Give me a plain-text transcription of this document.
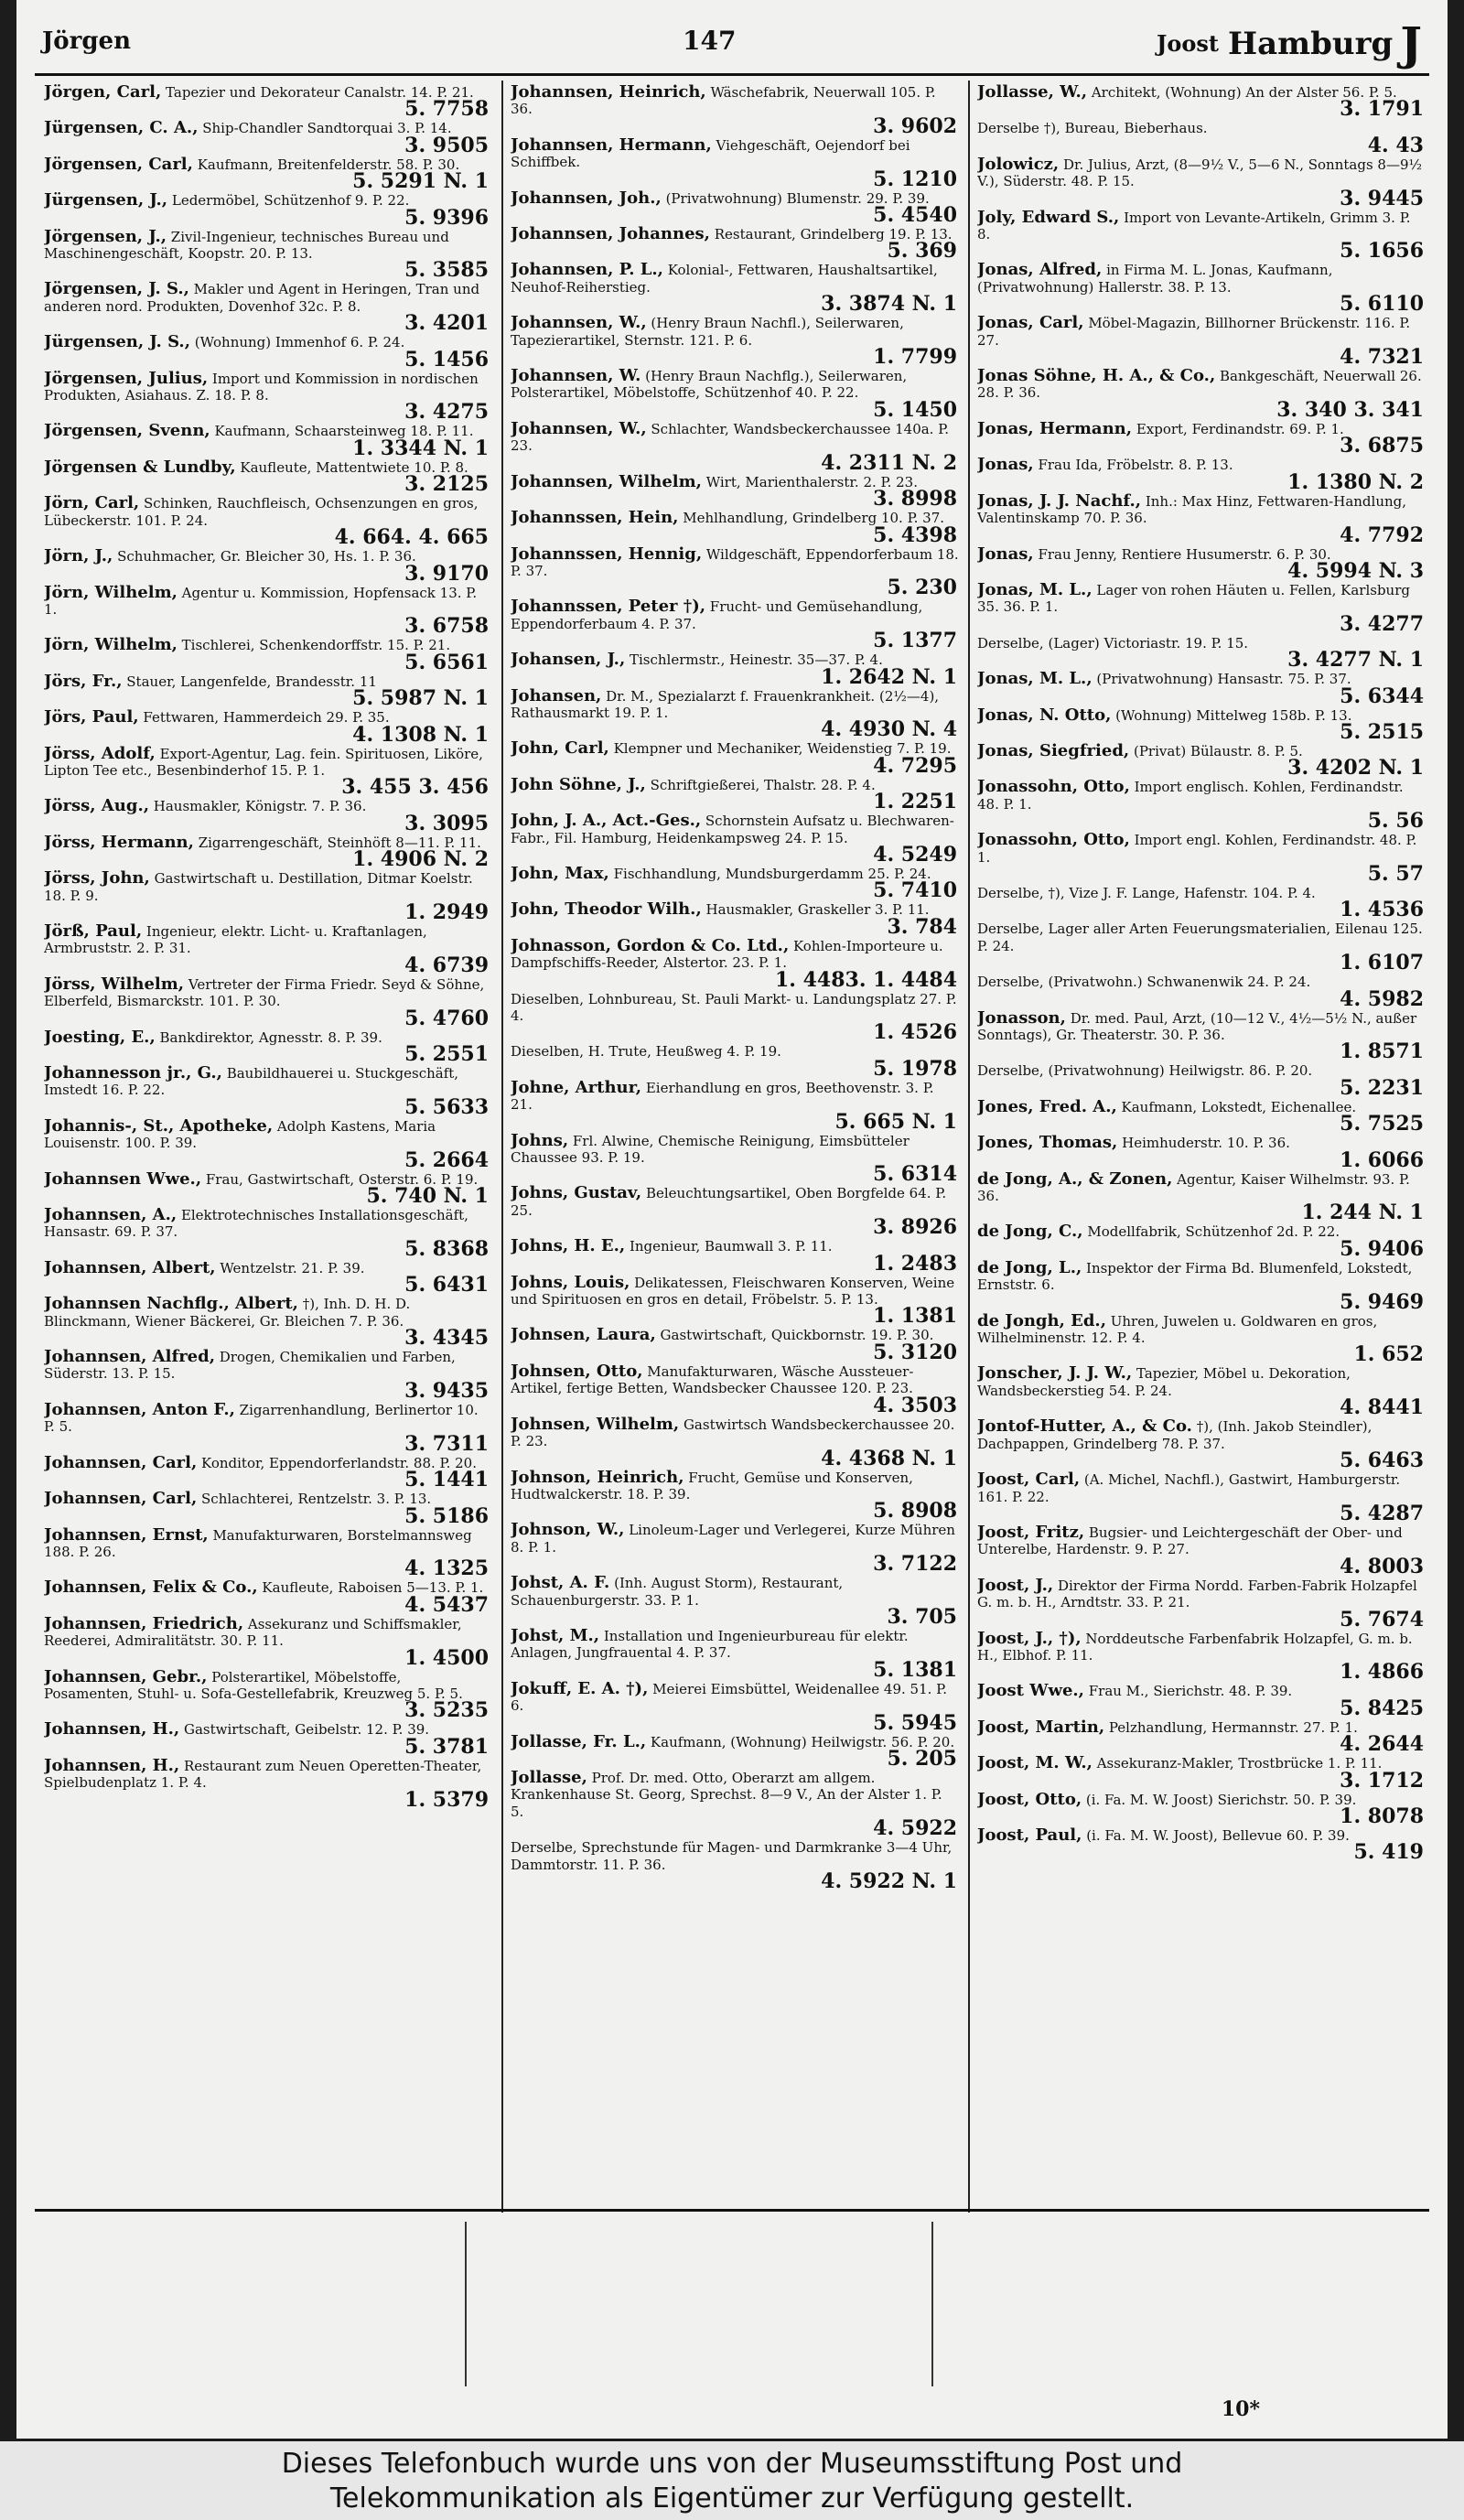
Jörgen	147	Joost Hamburg J
Jörgen, Carl, Tapezier und Dekorateur Canalstr. 14. P. 21.
5. 7758
Jürgensen, C. A., Ship-Chandler Sandtorquai 3. P. 14.
3. 9505
Jörgensen, Carl, Kaufmann, Breitenfelderstr. 58. P. 30.
5. 5291 N. 1
Jürgensen, J., Ledermöbel, Schützenhof 9. P. 22.
5. 9396
Jörgensen, J., Zivil-Ingenieur, technisches Bureau und Maschinengeschäft, Koopstr. 20. P. 13.
5. 3585
Jörgensen, J. S., Makler und Agent in Heringen, Tran und anderen nord. Produkten, Dovenhof 32c. P. 8.
3. 4201
Jürgensen, J. S., (Wohnung) Immenhof 6. P. 24.
5. 1456
Jörgensen, Julius, Import und Kommission in nordischen Produkten, Asiahaus. Z. 18. P. 8.
3. 4275
Jörgensen, Svenn, Kaufmann, Schaarsteinweg 18. P. 11.
1. 3344 N. 1
Jörgensen & Lundby, Kaufleute, Mattentwiete 10. P. 8.
3. 2125
Jörn, Carl, Schinken, Rauchfleisch, Ochsenzungen en gros, Lübeckerstr. 101. P. 24.
4. 664. 4. 665
Jörn, J., Schuhmacher, Gr. Bleicher 30, Hs. 1. P. 36.
3. 9170
Jörn, Wilhelm, Agentur u. Kommission, Hopfensack 13. P. 1.
3. 6758
Jörn, Wilhelm, Tischlerei, Schenkendorffstr. 15. P. 21.
5. 6561
Jörs, Fr., Stauer, Langenfelde, Brandesstr. 11
5. 5987 N. 1
Jörs, Paul, Fettwaren, Hammerdeich 29. P. 35.
4. 1308 N. 1
Jörss, Adolf, Export-Agentur, Lag. fein. Spirituosen, Liköre, Lipton Tee etc., Besenbinderhof 15. P. 1.
3. 455 3. 456
Jörss, Aug., Hausmakler, Königstr. 7. P. 36.
3. 3095
Jörss, Hermann, Zigarrengeschäft, Steinhöft 8—11. P. 11.
1. 4906 N. 2
Jörss, John, Gastwirtschaft u. Destillation, Ditmar Koelstr. 18. P. 9.
1. 2949
Jörß, Paul, Ingenieur, elektr. Licht- u. Kraftanlagen, Armbruststr. 2. P. 31.
4. 6739
Jörss, Wilhelm, Vertreter der Firma Friedr. Seyd & Söhne, Elberfeld, Bismarckstr. 101. P. 30.
5. 4760
Joesting, E., Bankdirektor, Agnesstr. 8. P. 39.
5. 2551
Johannesson jr., G., Baubildhauerei u. Stuckgeschäft, Imstedt 16. P. 22.
5. 5633
Johannis-, St., Apotheke, Adolph Kastens, Maria Louisenstr. 100. P. 39.
5. 2664
Johannsen Wwe., Frau, Gastwirtschaft, Osterstr. 6. P. 19.
5. 740 N. 1
Johannsen, A., Elektrotechnisches Installationsgeschäft, Hansastr. 69. P. 37.
5. 8368
Johannsen, Albert, Wentzelstr. 21. P. 39.
5. 6431
Johannsen Nachflg., Albert, †), Inh. D. H. D. Blinckmann, Wiener Bäckerei, Gr. Bleichen 7. P. 36.
3. 4345
Johannsen, Alfred, Drogen, Chemikalien und Farben, Süderstr. 13. P. 15.
3. 9435
Johannsen, Anton F., Zigarrenhandlung, Berlinertor 10. P. 5.
3. 7311
Johannsen, Carl, Konditor, Eppendorferlandstr. 88. P. 20.
5. 1441
Johannsen, Carl, Schlachterei, Rentzelstr. 3. P. 13.
5. 5186
Johannsen, Ernst, Manufakturwaren, Borstelmannsweg 188. P. 26.
4. 1325
Johannsen, Felix & Co., Kaufleute, Raboisen 5—13. P. 1.
4. 5437
Johannsen, Friedrich, Assekuranz und Schiffsmakler, Reederei, Admiralitätstr. 30. P. 11.
1. 4500
Johannsen, Gebr., Polsterartikel, Möbelstoffe, Posamenten, Stuhl- u. Sofa-Gestellefabrik, Kreuzweg 5. P. 5.
3. 5235
Johannsen, H., Gastwirtschaft, Geibelstr. 12. P. 39.
5. 3781
Johannsen, H., Restaurant zum Neuen Operetten-Theater, Spielbudenplatz 1. P. 4.
1. 5379
Johannsen, Heinrich, Wäschefabrik, Neuerwall 105. P. 36.
3. 9602
Johannsen, Hermann, Viehgeschäft, Oejendorf bei Schiffbek.
5. 1210
Johannsen, Joh., (Privatwohnung) Blumenstr. 29. P. 39.
5. 4540
Johannsen, Johannes, Restaurant, Grindelberg 19. P. 13.
5. 369
Johannsen, P. L., Kolonial-, Fettwaren, Haushaltsartikel, Neuhof-Reiherstieg.
3. 3874 N. 1
Johannsen, W., (Henry Braun Nachfl.), Seilerwaren, Tapezierartikel, Sternstr. 121. P. 6.
1. 7799
Johannsen, W. (Henry Braun Nachflg.), Seilerwaren, Polsterartikel, Möbelstoffe, Schützenhof 40. P. 22.
5. 1450
Johannsen, W., Schlachter, Wandsbeckerchaussee 140a. P. 23.
4. 2311 N. 2
Johannsen, Wilhelm, Wirt, Marienthalerstr. 2. P. 23.
3. 8998
Johannssen, Hein, Mehlhandlung, Grindelberg 10. P. 37.
5. 4398
Johannssen, Hennig, Wildgeschäft, Eppendorferbaum 18. P. 37.
5. 230
Johannssen, Peter †), Frucht- und Gemüsehandlung, Eppendorferbaum 4. P. 37.
5. 1377
Johansen, J., Tischlermstr., Heinestr. 35—37. P. 4.
1. 2642 N. 1
Johansen, Dr. M., Spezialarzt f. Frauenkrankheit. (2½—4), Rathausmarkt 19. P. 1.
4. 4930 N. 4
John, Carl, Klempner und Mechaniker, Weidenstieg 7. P. 19.
4. 7295
John Söhne, J., Schriftgießerei, Thalstr. 28. P. 4.
1. 2251
John, J. A., Act.-Ges., Schornstein Aufsatz u. Blechwaren-Fabr., Fil. Hamburg, Heidenkampsweg 24. P. 15.
4. 5249
John, Max, Fischhandlung, Mundsburgerdamm 25. P. 24.
5. 7410
John, Theodor Wilh., Hausmakler, Graskeller 3. P. 11.
3. 784
Johnasson, Gordon & Co. Ltd., Kohlen-Importeure u. Dampfschiffs-Reeder, Alstertor. 23. P. 1.
1. 4483. 1. 4484
Dieselben, Lohnbureau, St. Pauli Markt- u. Landungsplatz 27. P. 4.
1. 4526
Dieselben, H. Trute, Heußweg 4. P. 19.
5. 1978
Johne, Arthur, Eierhandlung en gros, Beethovenstr. 3. P. 21.
5. 665 N. 1
Johns, Frl. Alwine, Chemische Reinigung, Eimsbütteler Chaussee 93. P. 19.
5. 6314
Johns, Gustav, Beleuchtungsartikel, Oben Borgfelde 64. P. 25.
3. 8926
Johns, H. E., Ingenieur, Baumwall 3. P. 11.
1. 2483
Johns, Louis, Delikatessen, Fleischwaren Konserven, Weine und Spirituosen en gros en detail, Fröbelstr. 5. P. 13.
1. 1381
Johnsen, Laura, Gastwirtschaft, Quickbornstr. 19. P. 30.
5. 3120
Johnsen, Otto, Manufakturwaren, Wäsche Aussteuer-Artikel, fertige Betten, Wandsbecker Chaussee 120. P. 23.
4. 3503
Johnsen, Wilhelm, Gastwirtsch Wandsbeckerchaussee 20. P. 23.
4. 4368 N. 1
Johnson, Heinrich, Frucht, Gemüse und Konserven, Hudtwalckerstr. 18. P. 39.
5. 8908
Johnson, W., Linoleum-Lager und Verlegerei, Kurze Mühren 8. P. 1.
3. 7122
Johst, A. F. (Inh. August Storm), Restaurant, Schauenburgerstr. 33. P. 1.
3. 705
Johst, M., Installation und Ingenieurbureau für elektr. Anlagen, Jungfrauental 4. P. 37.
5. 1381
Jokuff, E. A. †), Meierei Eimsbüttel, Weidenallee 49. 51. P. 6.
5. 5945
Jollasse, Fr. L., Kaufmann, (Wohnung) Heilwigstr. 56. P. 20.
5. 205
Jollasse, Prof. Dr. med. Otto, Oberarzt am allgem. Krankenhause St. Georg, Sprechst. 8—9 V., An der Alster 1. P. 5.
4. 5922
Derselbe, Sprechstunde für Magen- und Darmkranke 3—4 Uhr, Dammtorstr. 11. P. 36.
4. 5922 N. 1
Jollasse, W., Architekt, (Wohnung) An der Alster 56. P. 5.
3. 1791
Derselbe †), Bureau, Bieberhaus.
4. 43
Jolowicz, Dr. Julius, Arzt, (8—9½ V., 5—6 N., Sonntags 8—9½ V.), Süderstr. 48. P. 15.
3. 9445
Joly, Edward S., Import von Levante-Artikeln, Grimm 3. P. 8.
5. 1656
Jonas, Alfred, in Firma M. L. Jonas, Kaufmann, (Privatwohnung) Hallerstr. 38. P. 13.
5. 6110
Jonas, Carl, Möbel-Magazin, Billhorner Brückenstr. 116. P. 27.
4. 7321
Jonas Söhne, H. A., & Co., Bankgeschäft, Neuerwall 26. 28. P. 36.
3. 340 3. 341
Jonas, Hermann, Export, Ferdinandstr. 69. P. 1.
3. 6875
Jonas, Frau Ida, Fröbelstr. 8. P. 13.
1. 1380 N. 2
Jonas, J. J. Nachf., Inh.: Max Hinz, Fettwaren-Handlung, Valentinskamp 70. P. 36.
4. 7792
Jonas, Frau Jenny, Rentiere Husumerstr. 6. P. 30.
4. 5994 N. 3
Jonas, M. L., Lager von rohen Häuten u. Fellen, Karlsburg 35. 36. P. 1.
3. 4277
Derselbe, (Lager) Victoriastr. 19. P. 15.
3. 4277 N. 1
Jonas, M. L., (Privatwohnung) Hansastr. 75. P. 37.
5. 6344
Jonas, N. Otto, (Wohnung) Mittelweg 158b. P. 13.
5. 2515
Jonas, Siegfried, (Privat) Bülaustr. 8. P. 5.
3. 4202 N. 1
Jonassohn, Otto, Import englisch. Kohlen, Ferdinandstr. 48. P. 1.
5. 56
Jonassohn, Otto, Import engl. Kohlen, Ferdinandstr. 48. P. 1.
5. 57
Derselbe, †), Vize J. F. Lange, Hafenstr. 104. P. 4.
1. 4536
Derselbe, Lager aller Arten Feuerungsmaterialien, Eilenau 125. P. 24.
1. 6107
Derselbe, (Privatwohn.) Schwanenwik 24. P. 24.
4. 5982
Jonasson, Dr. med. Paul, Arzt, (10—12 V., 4½—5½ N., außer Sonntags), Gr. Theaterstr. 30. P. 36.
1. 8571
Derselbe, (Privatwohnung) Heilwigstr. 86. P. 20.
5. 2231
Jones, Fred. A., Kaufmann, Lokstedt, Eichenallee.
5. 7525
Jones, Thomas, Heimhuderstr. 10. P. 36.
1. 6066
de Jong, A., & Zonen, Agentur, Kaiser Wilhelmstr. 93. P. 36.
1. 244 N. 1
de Jong, C., Modellfabrik, Schützenhof 2d. P. 22.
5. 9406
de Jong, L., Inspektor der Firma Bd. Blumenfeld, Lokstedt, Ernststr. 6.
5. 9469
de Jongh, Ed., Uhren, Juwelen u. Goldwaren en gros, Wilhelminenstr. 12. P. 4.
1. 652
Jonscher, J. J. W., Tapezier, Möbel u. Dekoration, Wandsbeckerstieg 54. P. 24.
4. 8441
Jontof-Hutter, A., & Co. †), (Inh. Jakob Steindler), Dachpappen, Grindelberg 78. P. 37.
5. 6463
Joost, Carl, (A. Michel, Nachfl.), Gastwirt, Hamburgerstr. 161. P. 22.
5. 4287
Joost, Fritz, Bugsier- und Leichtergeschäft der Ober- und Unterelbe, Hardenstr. 9. P. 27.
4. 8003
Joost, J., Direktor der Firma Nordd. Farben-Fabrik Holzapfel G. m. b. H., Arndtstr. 33. P. 21.
5. 7674
Joost, J., †), Norddeutsche Farbenfabrik Holzapfel, G. m. b. H., Elbhof. P. 11.
1. 4866
Joost Wwe., Frau M., Sierichstr. 48. P. 39.
5. 8425
Joost, Martin, Pelzhandlung, Hermannstr. 27. P. 1.
4. 2644
Joost, M. W., Assekuranz-Makler, Trostbrücke 1. P. 11.
3. 1712
Joost, Otto, (i. Fa. M. W. Joost) Sierichstr. 50. P. 39.
1. 8078
Joost, Paul, (i. Fa. M. W. Joost), Bellevue 60. P. 39.
5. 419
10*
Dieses Telefonbuch wurde uns von der Museumsstiftung Post und
Telekommunikation als Eigentümer zur Verfügung gestellt.
